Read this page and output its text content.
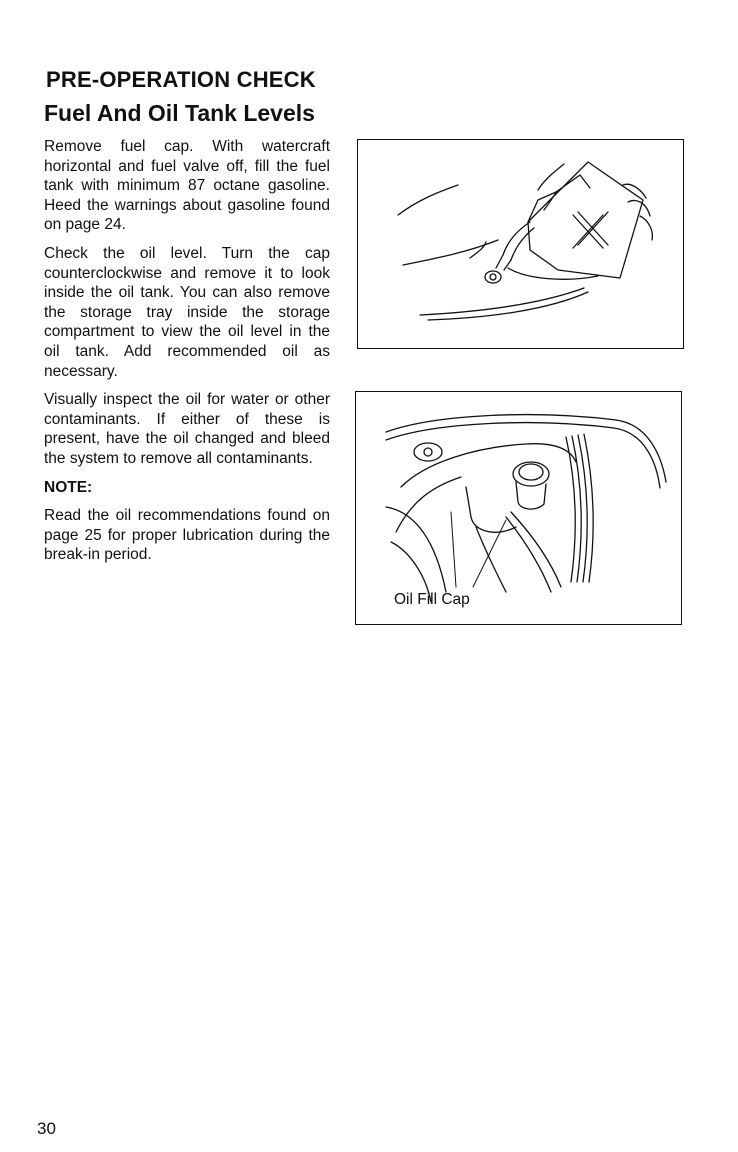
PRE-OPERATION CHECK
Fuel And Oil Tank Levels

Remove fuel cap. With watercraft horizontal and fuel valve off, fill the fuel tank with minimum 87 octane gasoline. Heed the warnings about gasoline found on page 24.

Check the oil level. Turn the cap counterclockwise and remove it to look inside the oil tank. You can also remove the storage tray inside the storage compartment to view the oil level in the oil tank. Add recommended oil as necessary.

Visually inspect the oil for water or other contaminants. If either of these is present, have the oil changed and bleed the system to remove all contaminants.

NOTE:

Read the oil recommendations found on page 25 for proper lubrication during the break-in period.

Oil Fill Cap
30
